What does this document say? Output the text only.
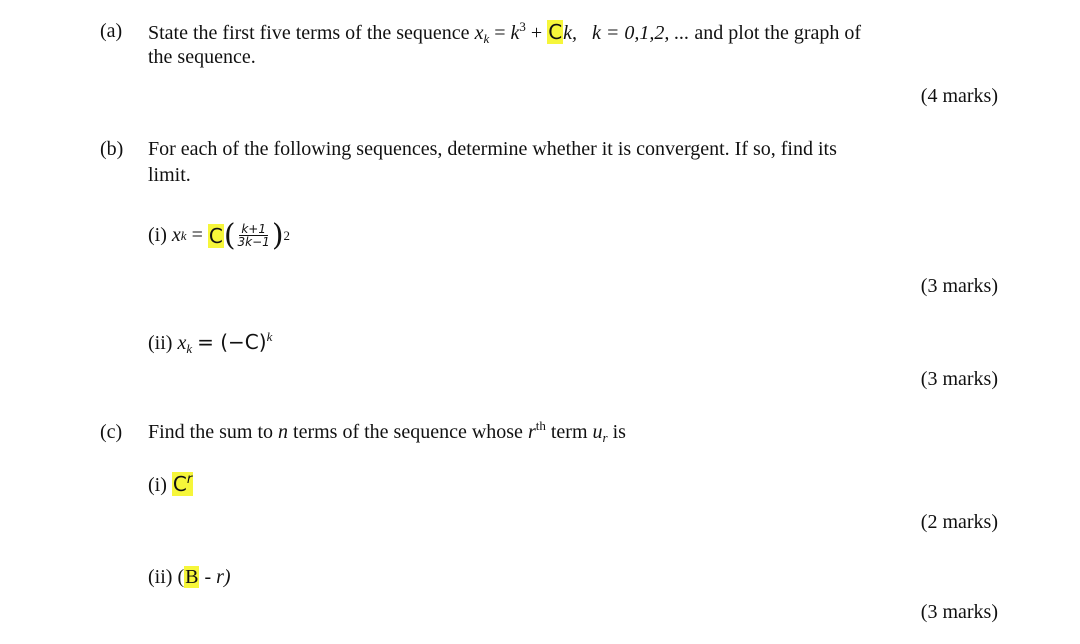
(a) State the first five terms of the sequence $x_k = k^3 + Ck$, k = 0,1,2, ... and plot the graph of
the sequence.
(4 marks)
(b) For each of the following sequences, determine whether it is convergent. If so, find its
limit.
(i)
x k
=
C ( $\frac{k+1}{3k-1}$ ) 2
(3 marks)
(ii) $x_k = (-C)^k$
(3 marks)
(c) Find the sum to n terms of the sequence whose $r^{th}$ term $u_r$ is
(i) $C^r$
(2 marks)
(ii) (B - r)
(3 marks)
